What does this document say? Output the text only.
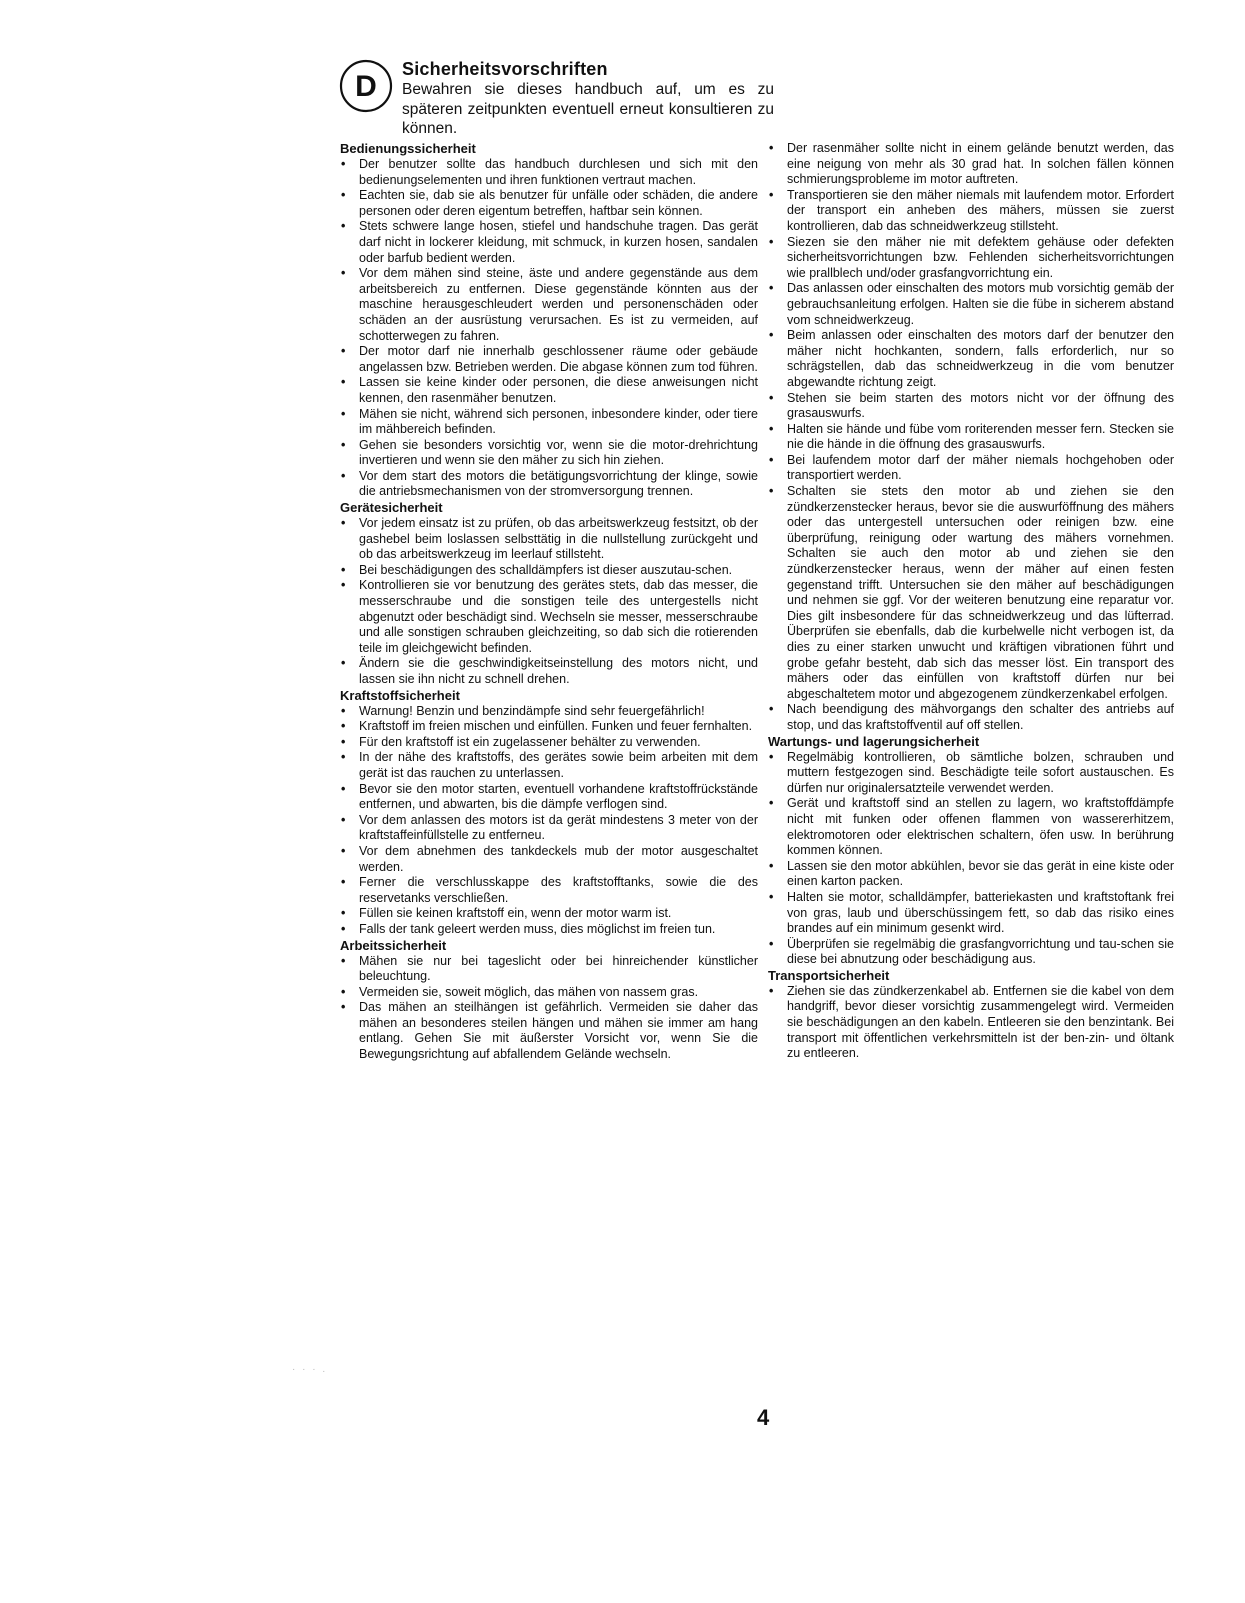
D
Sicherheitsvorschriften

Bewahren sie dieses handbuch auf, um es zu späteren zeitpunkten eventuell erneut konsultieren zu können.

Bedienungssicherheit
• Der benutzer sollte das handbuch durchlesen und sich mit den bedienungselementen und ihren funktionen vertraut machen.
• Eachten sie, dab sie als benutzer für unfälle oder schäden, die andere personen oder deren eigentum betreffen, haftbar sein können.
• Stets schwere lange hosen, stiefel und handschuhe tragen. Das gerät darf nicht in lockerer kleidung, mit schmuck, in kurzen hosen, sandalen oder barfub bedient werden.
• Vor dem mähen sind steine, äste und andere gegenstände aus dem arbeitsbereich zu entfernen. Diese gegenstände könnten aus der maschine herausgeschleudert werden und personenschäden oder schäden an der ausrüstung verursachen. Es ist zu vermeiden, auf schotterwegen zu fahren.
• Der motor darf nie innerhalb geschlossener räume oder gebäude angelassen bzw. Betrieben werden. Die abgase können zum tod führen.
• Lassen sie keine kinder oder personen, die diese anweisungen nicht kennen, den rasenmäher benutzen.
• Mähen sie nicht, während sich personen, inbesondere kinder, oder tiere im mähbereich befinden.
• Gehen sie besonders vorsichtig vor, wenn sie die motor-drehrichtung invertieren und wenn sie den mäher zu sich hin ziehen.
• Vor dem start des motors die betätigungsvorrichtung der klinge, sowie die antriebsmechanismen von der stromversorgung trennen.
Gerätesicherheit
• Vor jedem einsatz ist zu prüfen, ob das arbeitswerkzeug festsitzt, ob der gashebel beim loslassen selbsttätig in die nullstellung zurückgeht und ob das arbeitswerkzeug im leerlauf stillsteht.
• Bei beschädigungen des schalldämpfers ist dieser auszutau-schen.
• Kontrollieren sie vor benutzung des gerätes stets, dab das messer, die messerschraube und die sonstigen teile des untergestells nicht abgenutzt oder beschädigt sind. Wechseln sie messer, messerschraube und alle sonstigen schrauben gleichzeiting, so dab sich die rotierenden teile im gleichgewicht befinden.
• Ändern sie die geschwindigkeitseinstellung des motors nicht, und lassen sie ihn nicht zu schnell drehen.
Kraftstoffsicherheit
• Warnung! Benzin und benzindämpfe sind sehr feuergefährlich!
• Kraftstoff im freien mischen und einfüllen. Funken und feuer fernhalten.
• Für den kraftstoff ist ein zugelassener behälter zu verwenden.
• In der nähe des kraftstoffs, des gerätes sowie beim arbeiten mit dem gerät ist das rauchen zu unterlassen.
• Bevor sie den motor starten, eventuell vorhandene kraftstoffrückstände entfernen, und abwarten, bis die dämpfe verflogen sind.
• Vor dem anlassen des motors ist da gerät mindestens 3 meter von der kraftstaffeinfüllstelle zu entferneu.
• Vor dem abnehmen des tankdeckels mub der motor ausgeschaltet werden.
• Ferner die verschlusskappe des kraftstofftanks, sowie die des reservetanks verschließen.
• Füllen sie keinen kraftstoff ein, wenn der motor warm ist.
• Falls der tank geleert werden muss, dies möglichst im freien tun.
Arbeitssicherheit
• Mähen sie nur bei tageslicht oder bei hinreichender künstlicher beleuchtung.
• Vermeiden sie, soweit möglich, das mähen von nassem gras.
• Das mähen an steilhängen ist gefährlich. Vermeiden sie daher das mähen an besonderes steilen hängen und mähen sie immer am hang entlang. Gehen Sie mit äußerster Vorsicht vor, wenn Sie die Bewegungsrichtung auf abfallendem Gelände wechseln.
• Der rasenmäher sollte nicht in einem gelände benutzt werden, das eine neigung von mehr als 30 grad hat. In solchen fällen können schmierungsprobleme im motor auftreten.
• Transportieren sie den mäher niemals mit laufendem motor. Erfordert der transport ein anheben des mähers, müssen sie zuerst kontrollieren, dab das schneidwerkzeug stillsteht.
• Siezen sie den mäher nie mit defektem gehäuse oder defekten sicherheitsvorrichtungen bzw. Fehlenden sicherheitsvorrichtungen wie prallblech und/oder grasfangvorrichtung ein.
• Das anlassen oder einschalten des motors mub vorsichtig gemäb der gebrauchsanleitung erfolgen. Halten sie die fübe in sicherem abstand vom schneidwerkzeug.
• Beim anlassen oder einschalten des motors darf der benutzer den mäher nicht hochkanten, sondern, falls erforderlich, nur so schrägstellen, dab das schneidwerkzeug in die vom benutzer abgewandte richtung zeigt.
• Stehen sie beim starten des motors nicht vor der öffnung des grasauswurfs.
• Halten sie hände und fübe vom roriterenden messer fern. Stecken sie nie die hände in die öffnung des grasauswurfs.
• Bei laufendem motor darf der mäher niemals hochgehoben oder transportiert werden.
• Schalten sie stets den motor ab und ziehen sie den zündkerzenstecker heraus, bevor sie die auswurföffnung des mähers oder das untergestell untersuchen oder reinigen bzw. eine überprüfung, reinigung oder wartung des mähers vornehmen. Schalten sie auch den motor ab und ziehen sie den zündkerzenstecker heraus, wenn der mäher auf einen festen gegenstand trifft. Untersuchen sie den mäher auf beschädigungen und nehmen sie ggf. Vor der weiteren benutzung eine reparatur vor. Dies gilt insbesondere für das schneidwerkzeug und das lüfterrad. Überprüfen sie ebenfalls, dab die kurbelwelle nicht verbogen ist, da dies zu einer starken unwucht und kräftigen vibrationen führt und grobe gefahr besteht, dab sich das messer löst. Ein transport des mähers oder das einfüllen von kraftstoff dürfen nur bei abgeschaltetem motor und abgezogenem zündkerzenkabel erfolgen.
• Nach beendigung des mähvorgangs den schalter des antriebs auf stop, und das kraftstoffventil auf off stellen.
Wartungs- und lagerungsicherheit
• Regelmäbig kontrollieren, ob sämtliche bolzen, schrauben und muttern festgezogen sind. Beschädigte teile sofort austauschen. Es dürfen nur originalersatzteile verwendet werden.
• Gerät und kraftstoff sind an stellen zu lagern, wo kraftstoffdämpfe nicht mit funken oder offenen flammen von wassererhitzem, elektromotoren oder elektrischen schaltern, öfen usw. In berührung kommen können.
• Lassen sie den motor abkühlen, bevor sie das gerät in eine kiste oder einen karton packen.
• Halten sie motor, schalldämpfer, batteriekasten und kraftstoftank frei von gras, laub und überschüssingem fett, so dab das risiko eines brandes auf ein minimum gesenkt wird.
• Überprüfen sie regelmäbig die grasfangvorrichtung und tau-schen sie diese bei abnutzung oder beschädigung aus.
Transportsicherheit
• Ziehen sie das zündkerzenkabel ab. Entfernen sie die kabel von dem handgriff, bevor dieser vorsichtig zusammengelegt wird. Vermeiden sie beschädigungen an den kabeln. Entleeren sie den benzintank. Bei transport mit öffentlichen verkehrsmitteln ist der ben-zin- und öltank zu entleeren.
· · · .
4
